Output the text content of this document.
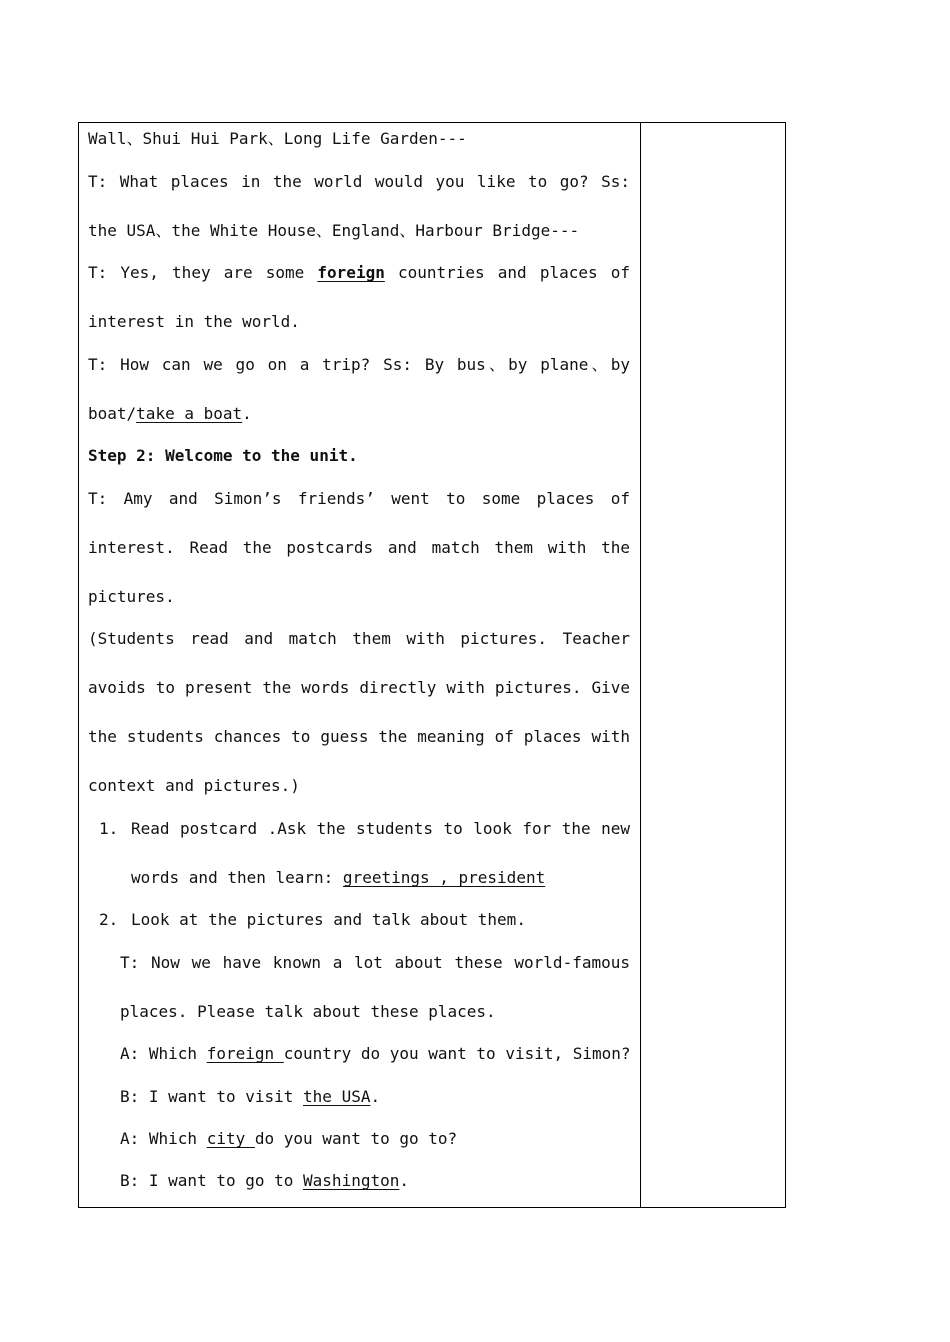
Wall、Shui Hui Park、Long Life Garden---
T: What places in the world would you like to go? Ss:
the USA、the White House、England、Harbour Bridge---
T: Yes, they are some foreign countries and places of
interest in the world.
T: How can we go on a trip? Ss: By bus、by plane、by
boat/take a boat.
Step 2: Welcome to the unit.
T: Amy and Simon’s friends’ went to some places of
interest. Read the postcards and match them with the
pictures.
(Students read and match them with pictures. Teacher
avoids to present the words directly with pictures. Give
the students chances to guess the meaning of places with
context and pictures.)
1. Read postcard .Ask the students to look for the new
words and then learn: greetings , president
2. Look at the pictures and talk about them.
T: Now we have known a lot about these world-famous
places. Please talk about these places.
A: Which foreign country do you want to visit, Simon?
B: I want to visit the USA.
A: Which city do you want to go to?
B: I want to go to Washington.
